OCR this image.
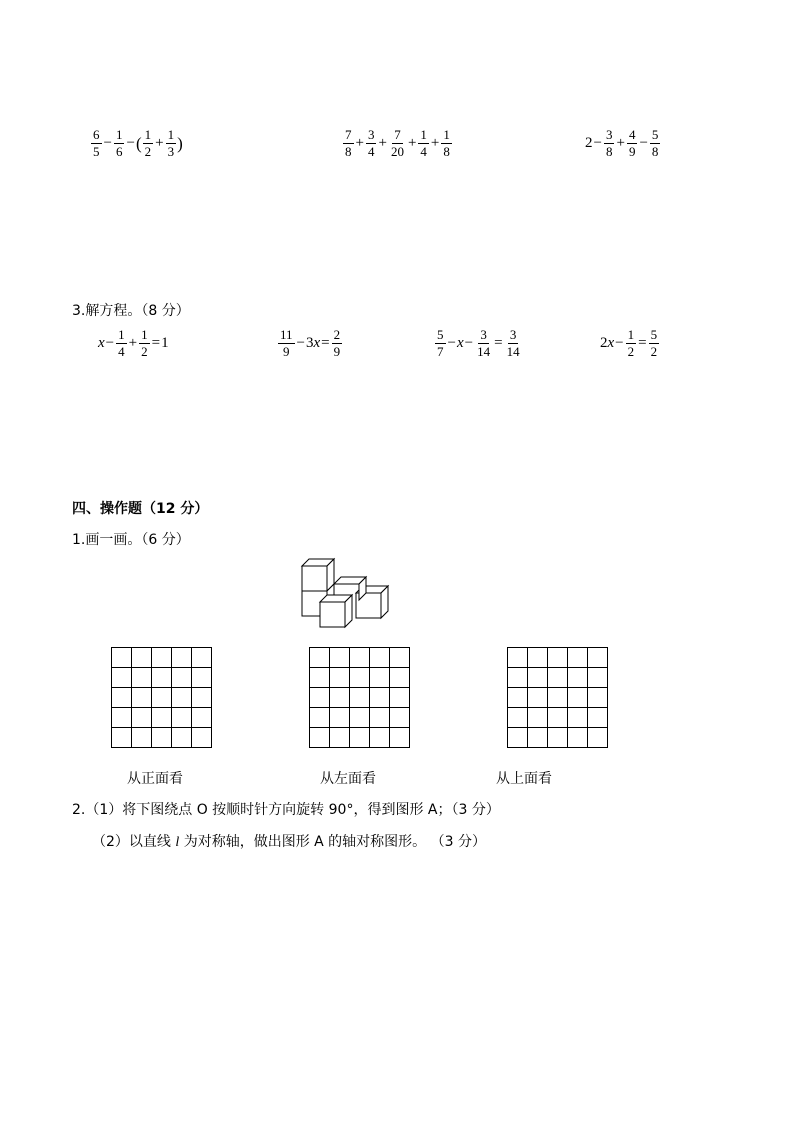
$\frac{6}{5} - \frac{1}{6}$ − ( $\frac{1}{2} + \frac{1}{3}$ )	$\frac{7}{8} + \frac{3}{4} + \frac{7}{20} + \frac{1}{4} + \frac{1}{8}$	$2 - \frac{3}{8} + \frac{4}{9} - \frac{5}{8}$
3.解方程。（8 分）
$x - \frac{1}{4} + \frac{1}{2} = 1$	$\frac{11}{9} - 3$ $x = \frac{2}{9}$	$\frac{5}{7} - x - \frac{3}{14} = \frac{3}{14}$	2 $x - \frac{1}{2} = \frac{5}{2}$
四、操作题（12 分）
1.画一画。（6 分）

从正面看	从左面看	从上面看
2.（1）将下图绕点 O 按顺时针方向旋转 90°，得到图形 A；（3 分）
（2）以直线 l 为对称轴，做出图形 A 的轴对称图形。 （3 分）
